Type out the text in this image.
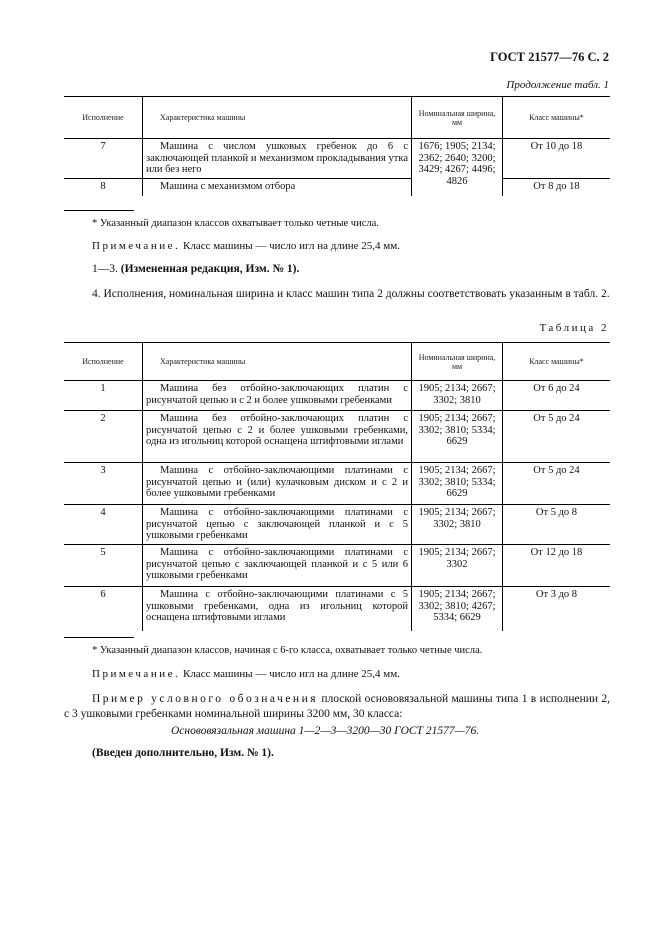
ГОСТ 21577—76 С. 2
Продолжение табл. 1
Исполнение	Характеристика машины	Номинальная ширина, мм	Класс машины*
7	Машина с числом ушковых гребенок до 6 с заключающей планкой и механизмом прокладывания утка или без него	1676; 1905; 2134; 2362; 2640; 3200; 3429; 4267; 4496; 4826	От 10 до 18
8	Машина с механизмом отбора		От 8 до 18
* Указанный диапазон классов охватывает только четные числа.
Примечание. Класс машины — число игл на длине 25,4 мм.
1—3. (Измененная редакция, Изм. № 1).
4. Исполнения, номинальная ширина и класс машин типа 2 должны соответствовать указанным в табл. 2.
Таблица 2
Исполнение	Характеристика машины	Номинальная ширина, мм	Класс машины*
1	Машина без отбойно-заключающих платин с рисунчатой цепью и с 2 и более ушковыми гребенками	1905; 2134; 2667; 3302; 3810	От 6 до 24
2	Машина без отбойно-заключающих платин с рисунчатой цепью с 2 и более ушковыми гребенками, одна из игольниц которой оснащена штифтовыми иглами	1905; 2134; 2667; 3302; 3810; 5334; 6629	От 5 до 24
3	Машина с отбойно-заключающими платинами с рисунчатой цепью и (или) кулачковым диском и с 2 и более ушковыми гребенками	1905; 2134; 2667; 3302; 3810; 5334; 6629	От 5 до 24
4	Машина с отбойно-заключающими платинами с рисунчатой цепью с заключающей планкой и с 5 ушковыми гребенками	1905; 2134; 2667; 3302; 3810	От 5 до 8
5	Машина с отбойно-заключающими платинами с рисунчатой цепью с заключающей планкой и с 5 или 6 ушковыми гребенками	1905; 2134; 2667; 3302	От 12 до 18
6	Машина с отбойно-заключающими платинами с 5 ушковыми гребенками, одна из игольниц которой оснащена штифтовыми иглами	1905; 2134; 2667; 3302; 3810; 4267; 5334; 6629	От 3 до 8
* Указанный диапазон классов, начиная с 6-го класса, охватывает только четные числа.
Примечание. Класс машины — число игл на длине 25,4 мм.
Пример условного обозначения плоской основовязальной машины типа 1 в исполнении 2, с 3 ушковыми гребенками номинальной ширины 3200 мм, 30 класса:
Основовязальная машина 1—2—3—3200—30 ГОСТ 21577—76.
(Введен дополнительно, Изм. № 1).
